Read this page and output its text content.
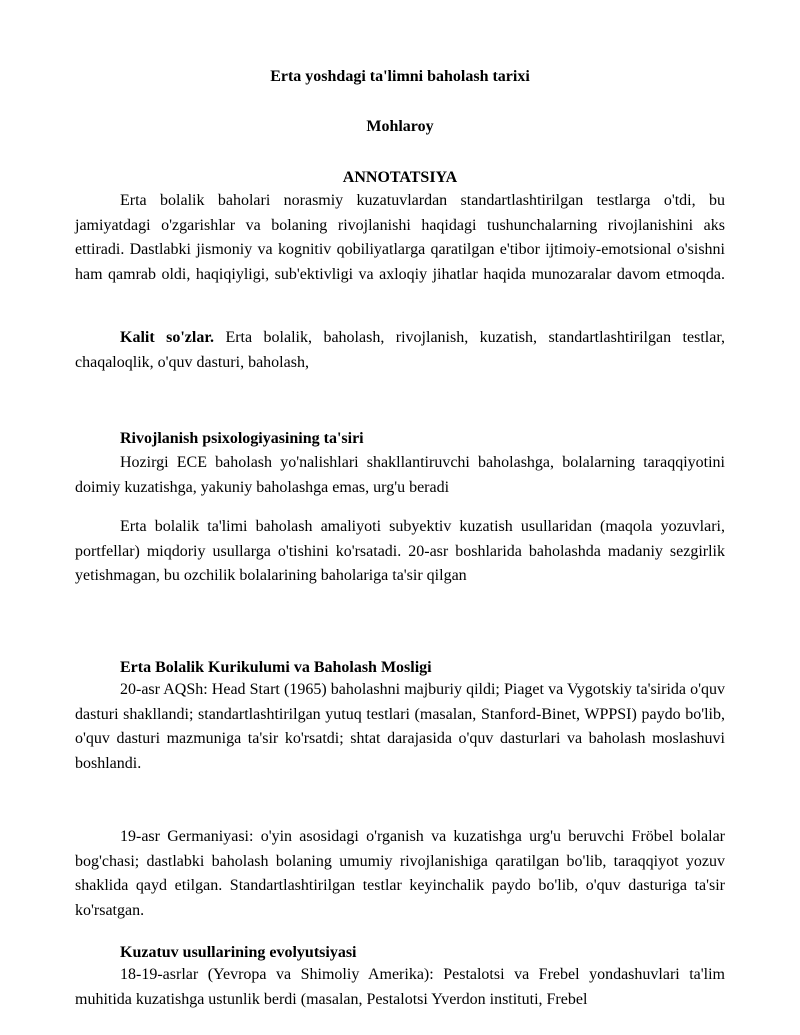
Erta yoshdagi ta'limni baholash tarixi
Mohlaroy
ANNOTATSIYA

Erta bolalik baholari norasmiy kuzatuvlardan standartlashtirilgan testlarga o'tdi, bu jamiyatdagi o'zgarishlar va bolaning rivojlanishi haqidagi tushunchalarning rivojlanishini aks ettiradi. Dastlabki jismoniy va kognitiv qobiliyatlarga qaratilgan e'tibor ijtimoiy-emotsional o'sishni ham qamrab oldi, haqiqiyligi, sub'ektivligi va axloqiy jihatlar haqida munozaralar davom etmoqda.

Kalit so'zlar. Erta bolalik, baholash, rivojlanish, kuzatish, standartlashtirilgan testlar, chaqaloqlik, o'quv dasturi, baholash,

Rivojlanish psixologiyasining ta'siri

Hozirgi ECE baholash yo'nalishlari shakllantiruvchi baholashga, bolalarning taraqqiyotini doimiy kuzatishga, yakuniy baholashga emas, urg'u beradi

Erta bolalik ta'limi baholash amaliyoti subyektiv kuzatish usullaridan (maqola yozuvlari, portfellar) miqdoriy usullarga o'tishini ko'rsatadi. 20-asr boshlarida baholashda madaniy sezgirlik yetishmagan, bu ozchilik bolalarining baholariga ta'sir qilgan

Erta Bolalik Kurikulumi va Baholash Mosligi

20-asr AQSh: Head Start (1965) baholashni majburiy qildi; Piaget va Vygotskiy ta'sirida o'quv dasturi shakllandi; standartlashtirilgan yutuq testlari (masalan, Stanford-Binet, WPPSI) paydo bo'lib, o'quv dasturi mazmuniga ta'sir ko'rsatdi; shtat darajasida o'quv dasturlari va baholash moslashuvi boshlandi.

19-asr Germaniyasi: o'yin asosidagi o'rganish va kuzatishga urg'u beruvchi Fröbel bolalar bog'chasi; dastlabki baholash bolaning umumiy rivojlanishiga qaratilgan bo'lib, taraqqiyot yozuv shaklida qayd etilgan. Standartlashtirilgan testlar keyinchalik paydo bo'lib, o'quv dasturiga ta'sir ko'rsatgan.

Kuzatuv usullarining evolyutsiyasi

18-19-asrlar (Yevropa va Shimoliy Amerika): Pestalotsi va Frebel yondashuvlari ta'lim muhitida kuzatishga ustunlik berdi (masalan, Pestalotsi Yverdon instituti, Frebel
